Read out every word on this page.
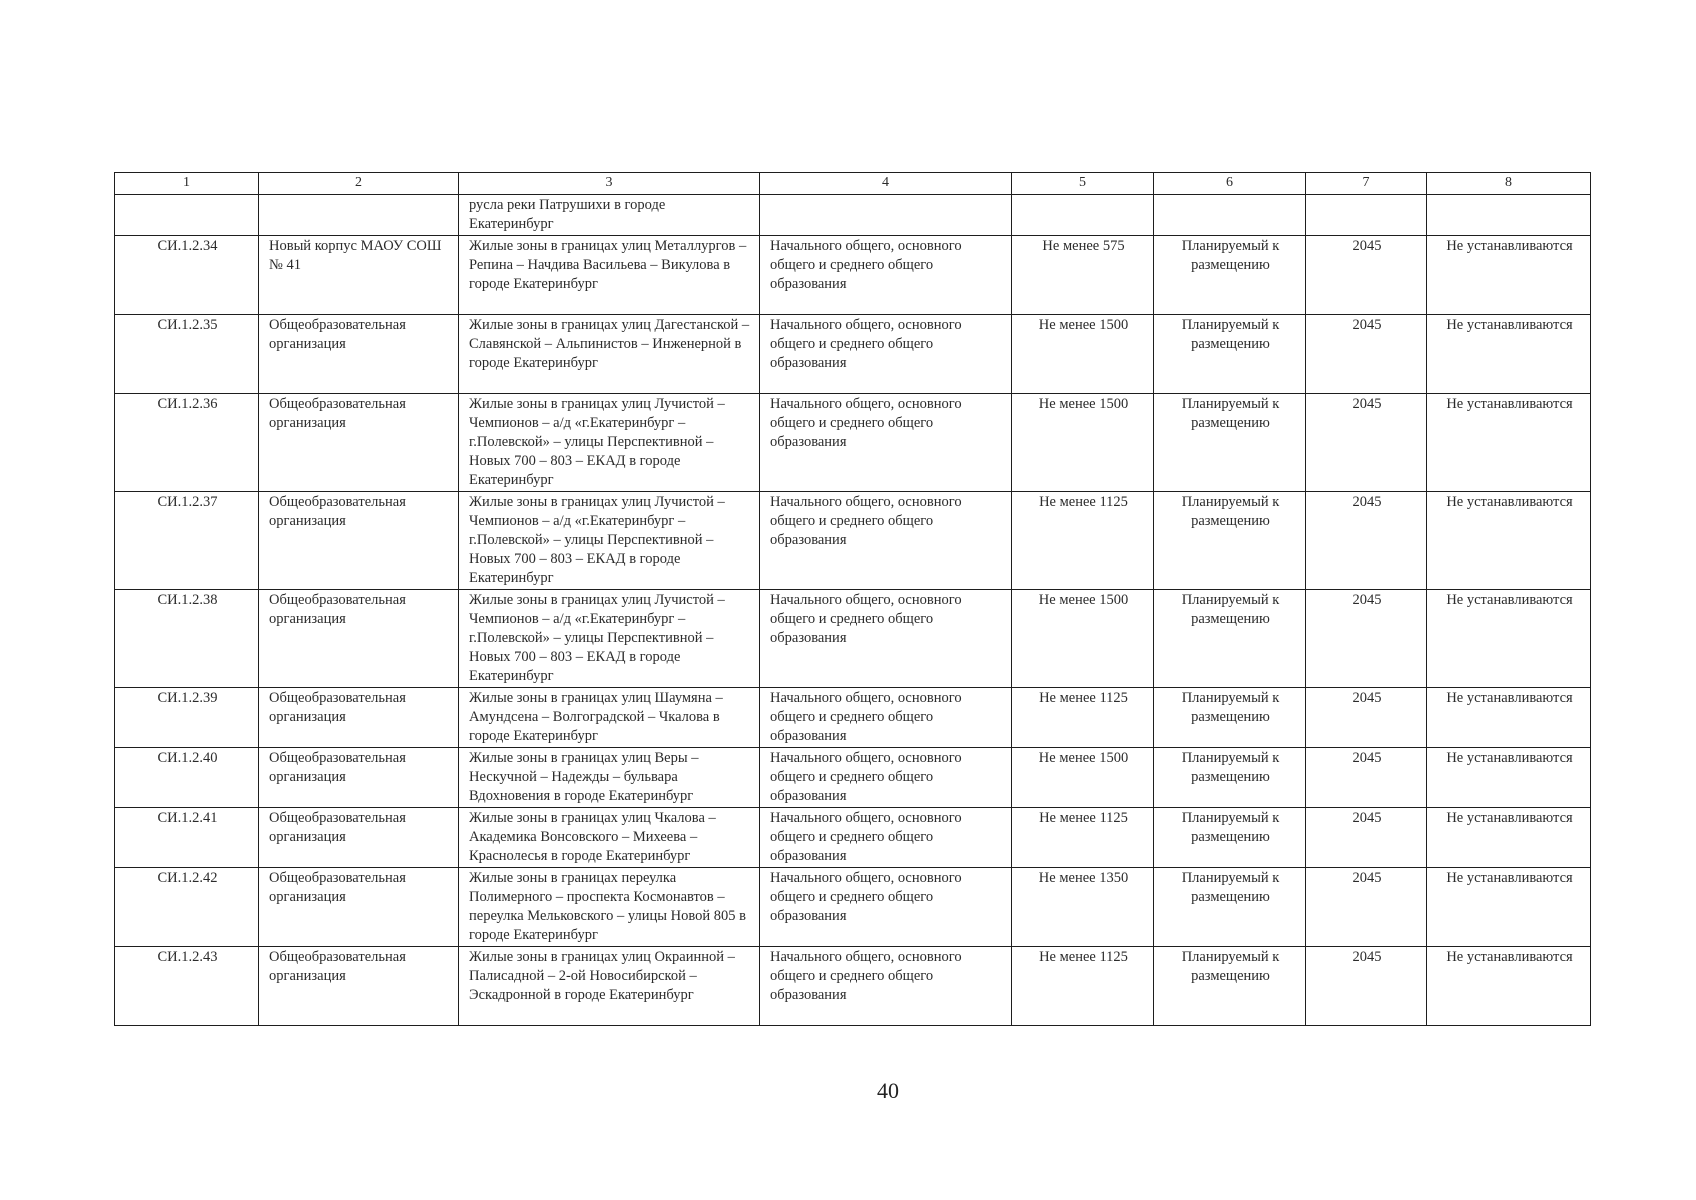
1	2	3	4	5	6	7	8
		русла реки Патрушихи в городе Екатеринбург					
СИ.1.2.34	Новый корпус МАОУ СОШ № 41	Жилые зоны в границах улиц Металлургов – Репина – Начдива Васильева – Викулова в городе Екатеринбург	Начального общего, основного общего и среднего общего образования	Не менее 575	Планируемый к размещению	2045	Не устанавливаются
СИ.1.2.35	Общеобразовательная организация	Жилые зоны в границах улиц Дагестанской – Славянской – Альпинистов – Инженерной в городе Екатеринбург	Начального общего, основного общего и среднего общего образования	Не менее 1500	Планируемый к размещению	2045	Не устанавливаются
СИ.1.2.36	Общеобразовательная организация	Жилые зоны в границах улиц Лучистой – Чемпионов – а/д «г.Екатеринбург – г.Полевской» – улицы Перспективной – Новых 700 – 803 – ЕКАД в городе Екатеринбург	Начального общего, основного общего и среднего общего образования	Не менее 1500	Планируемый к размещению	2045	Не устанавливаются
СИ.1.2.37	Общеобразовательная организация	Жилые зоны в границах улиц Лучистой – Чемпионов – а/д «г.Екатеринбург – г.Полевской» – улицы Перспективной – Новых 700 – 803 – ЕКАД в городе Екатеринбург	Начального общего, основного общего и среднего общего образования	Не менее 1125	Планируемый к размещению	2045	Не устанавливаются
СИ.1.2.38	Общеобразовательная организация	Жилые зоны в границах улиц Лучистой – Чемпионов – а/д «г.Екатеринбург – г.Полевской» – улицы Перспективной – Новых 700 – 803 – ЕКАД в городе Екатеринбург	Начального общего, основного общего и среднего общего образования	Не менее 1500	Планируемый к размещению	2045	Не устанавливаются
СИ.1.2.39	Общеобразовательная организация	Жилые зоны в границах улиц Шаумяна – Амундсена – Волгоградской – Чкалова в городе Екатеринбург	Начального общего, основного общего и среднего общего образования	Не менее 1125	Планируемый к размещению	2045	Не устанавливаются
СИ.1.2.40	Общеобразовательная организация	Жилые зоны в границах улиц Веры – Нескучной – Надежды – бульвара Вдохновения в городе Екатеринбург	Начального общего, основного общего и среднего общего образования	Не менее 1500	Планируемый к размещению	2045	Не устанавливаются
СИ.1.2.41	Общеобразовательная организация	Жилые зоны в границах улиц Чкалова – Академика Вонсовского – Михеева – Краснолесья в городе Екатеринбург	Начального общего, основного общего и среднего общего образования	Не менее 1125	Планируемый к размещению	2045	Не устанавливаются
СИ.1.2.42	Общеобразовательная организация	Жилые зоны в границах переулка Полимерного – проспекта Космонавтов – переулка Мельковского – улицы Новой 805 в городе Екатеринбург	Начального общего, основного общего и среднего общего образования	Не менее 1350	Планируемый к размещению	2045	Не устанавливаются
СИ.1.2.43	Общеобразовательная организация	Жилые зоны в границах улиц Окраинной – Палисадной – 2-ой Новосибирской – Эскадронной в городе Екатеринбург	Начального общего, основного общего и среднего общего образования	Не менее 1125	Планируемый к размещению	2045	Не устанавливаются
40
